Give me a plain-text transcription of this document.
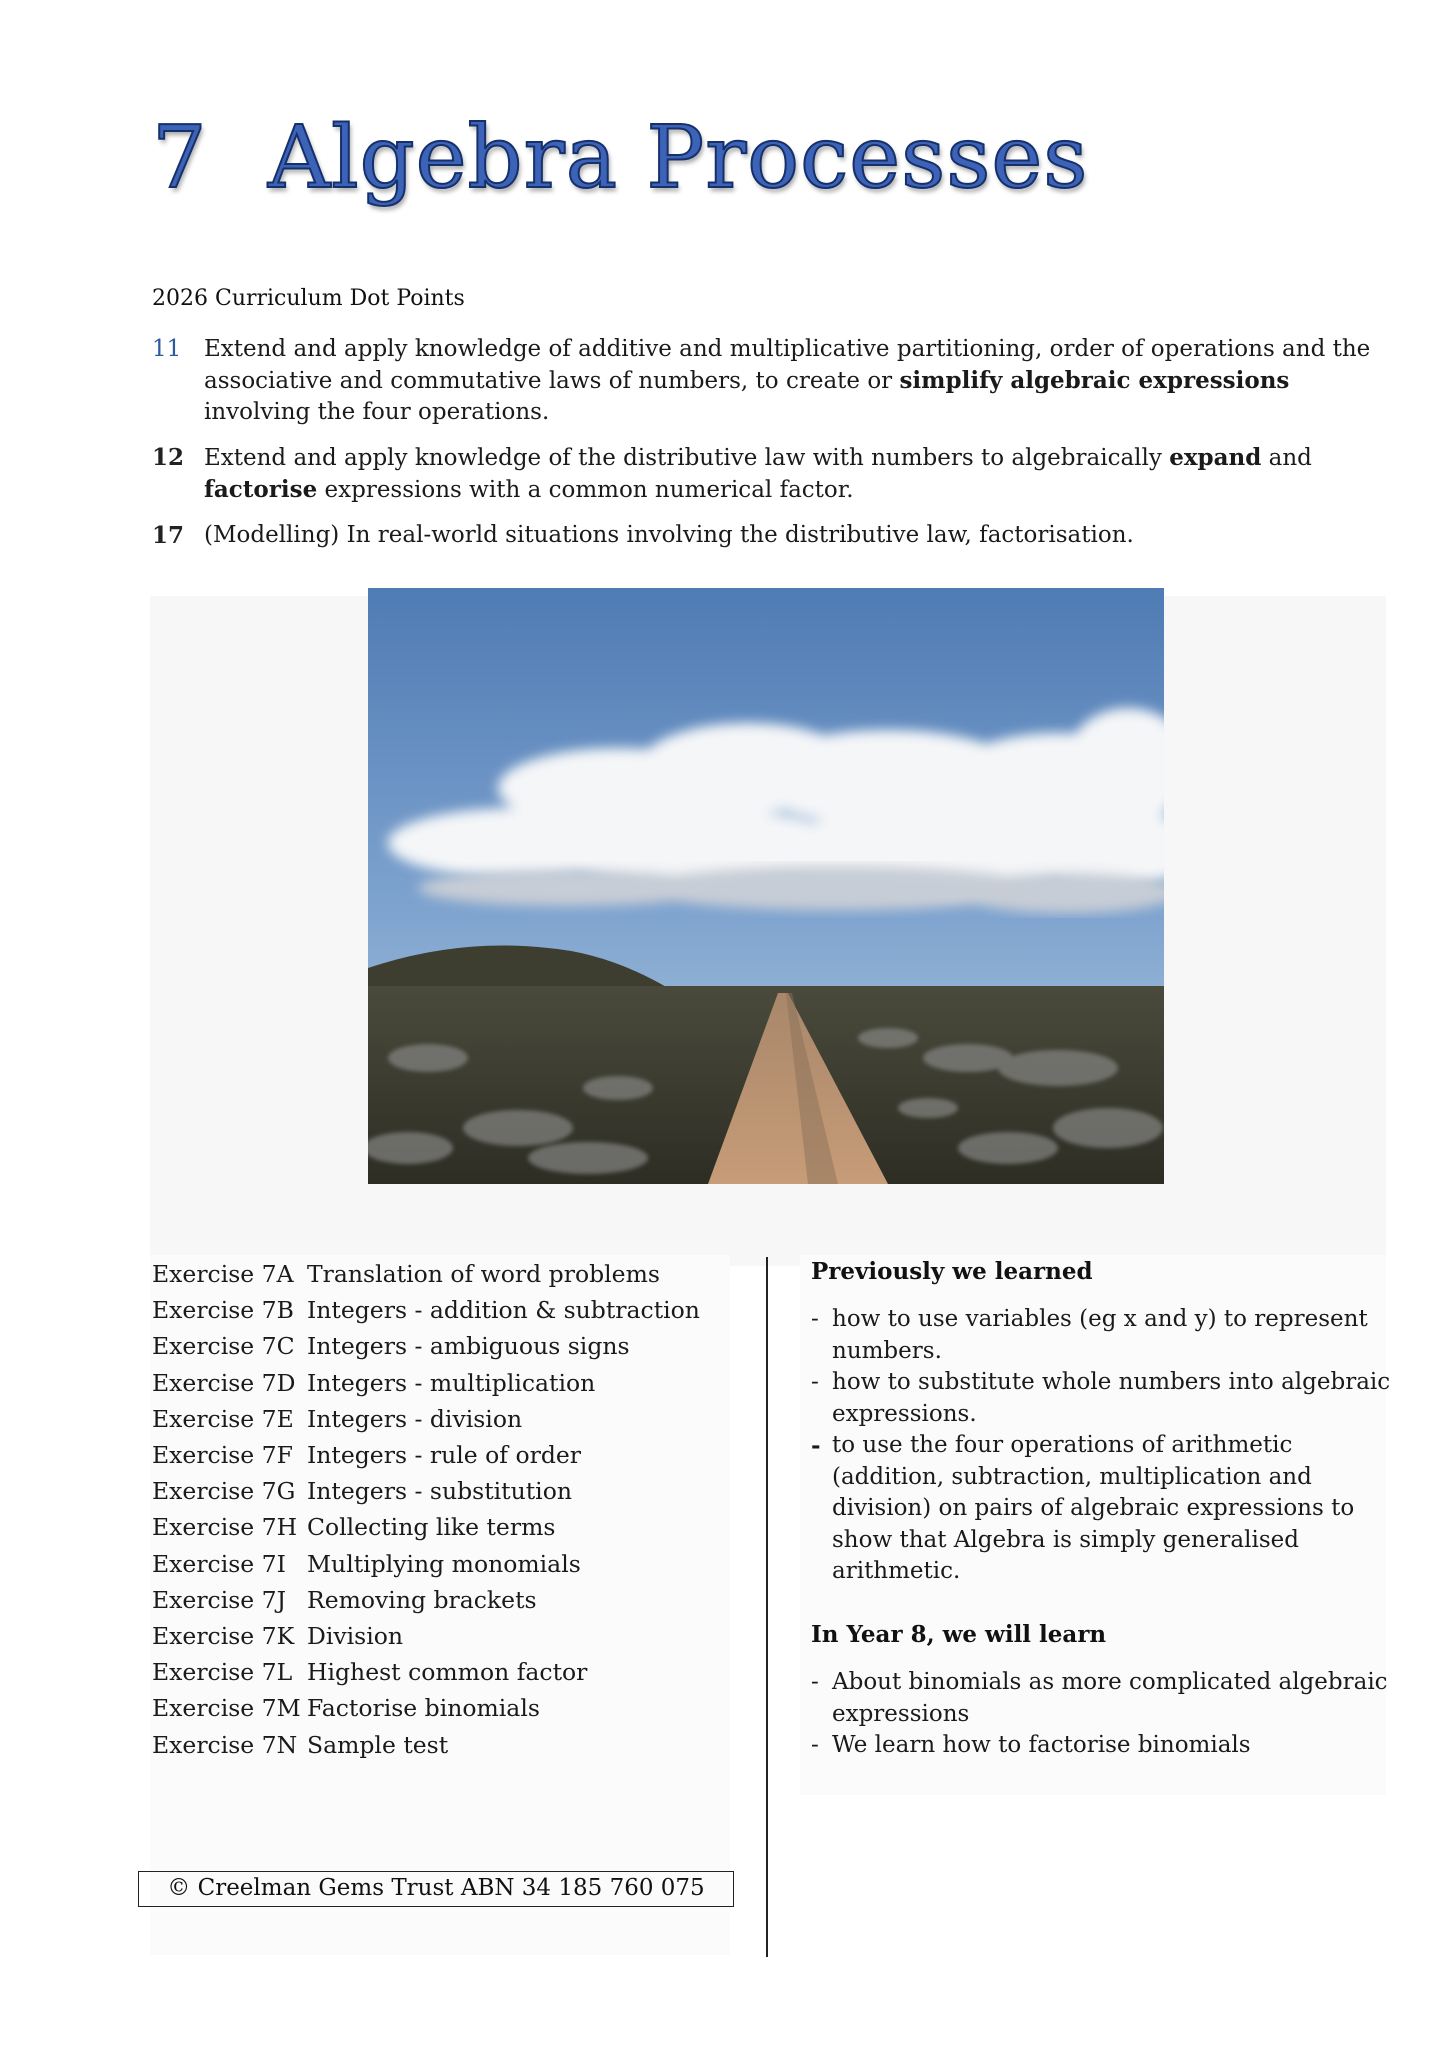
7 Algebra Processes
2026 Curriculum Dot Points
11 Extend and apply knowledge of additive and multiplicative partitioning, order of operations and the associative and commutative laws of numbers, to create or simplify algebraic expressions involving the four operations.
12 Extend and apply knowledge of the distributive law with numbers to algebraically expand and factorise expressions with a common numerical factor.
17 (Modelling) In real-world situations involving the distributive law, factorisation.
Exercise 7A Translation of word problems
Exercise 7B Integers - addition & subtraction
Exercise 7C Integers - ambiguous signs
Exercise 7D Integers - multiplication
Exercise 7E Integers - division
Exercise 7F Integers - rule of order
Exercise 7G Integers - substitution
Exercise 7H Collecting like terms
Exercise 7I Multiplying monomials
Exercise 7J Removing brackets
Exercise 7K Division
Exercise 7L Highest common factor
Exercise 7M Factorise binomials
Exercise 7N Sample test
Previously we learned
- how to use variables (eg x and y) to represent numbers.
- how to substitute whole numbers into algebraic expressions.
- to use the four operations of arithmetic (addition, subtraction, multiplication and division) on pairs of algebraic expressions to show that Algebra is simply generalised arithmetic.
In Year 8, we will learn
- About binomials as more complicated algebraic expressions
- We learn how to factorise binomials
© Creelman Gems Trust ABN 34 185 760 075
